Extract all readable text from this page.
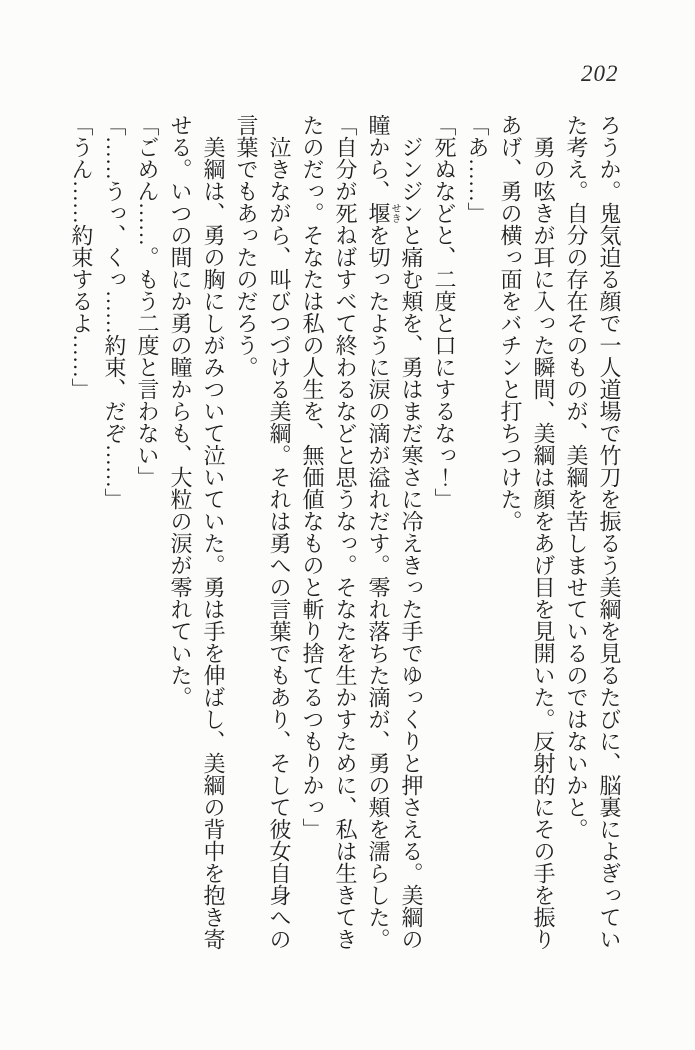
202

ろうか。鬼気迫る顔で一人道場で竹刀を振るう美綱を見るたびに、脳裏によぎっていた考え。自分の存在そのものが、美綱を苦しませているのではないかと。

勇の呟きが耳に入った瞬間、美綱は顔をあげ目を見開いた。反射的にその手を振りあげ、勇の横っ面をバチンと打ちつけた。

「あ……」

「死ぬなどと、二度と口にするなっ！」

ジンジンと痛む頬を、勇はまだ寒さに冷えきった手でゆっくりと押さえる。美綱の瞳から、堰せきを切ったように涙の滴が溢れだす。零れ落ちた滴が、勇の頬を濡らした。

「自分が死ねばすべて終わるなどと思うなっ。そなたを生かすために、私は生きてきたのだっ。そなたは私の人生を、無価値なものと斬り捨てるつもりかっ」

泣きながら、叫びつづける美綱。それは勇への言葉でもあり、そして彼女自身への言葉でもあったのだろう。

美綱は、勇の胸にしがみついて泣いていた。勇は手を伸ばし、美綱の背中を抱き寄せる。いつの間にか勇の瞳からも、大粒の涙が零れていた。

「ごめん……。もう二度と言わない」

「……うっ、くっ……約束、だぞ……」

「うん……約束するよ……」
